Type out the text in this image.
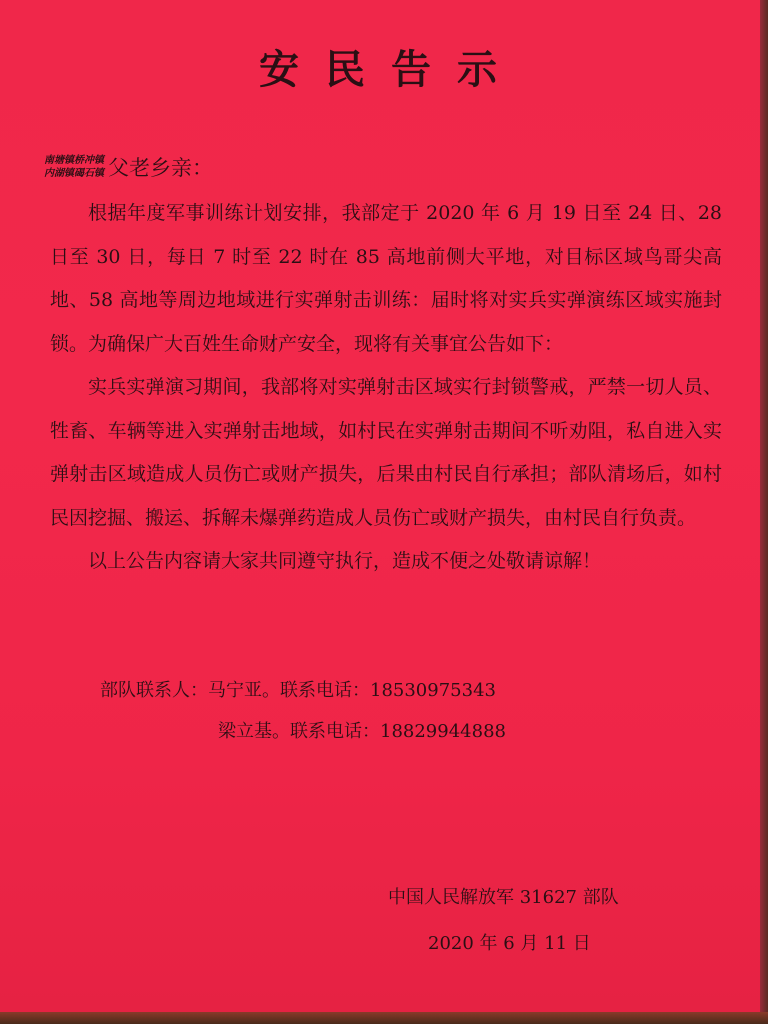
安民告示
南塘镇桥冲镇
内湖镇碣石镇 父老乡亲：

根据年度军事训练计划安排，我部定于 2020 年 6 月 19 日至 24 日、28 日至 30 日，每日 7 时至 22 时在 85 高地前侧大平地，对目标区域鸟哥尖高地、58 高地等周边地域进行实弹射击训练：届时将对实兵实弹演练区域实施封锁。为确保广大百姓生命财产安全，现将有关事宜公告如下：

实兵实弹演习期间，我部将对实弹射击区域实行封锁警戒，严禁一切人员、牲畜、车辆等进入实弹射击地域，如村民在实弹射击期间不听劝阻，私自进入实弹射击区域造成人员伤亡或财产损失，后果由村民自行承担；部队清场后，如村民因挖掘、搬运、拆解未爆弹药造成人员伤亡或财产损失，由村民自行负责。

以上公告内容请大家共同遵守执行，造成不便之处敬请谅解！

部队联系人：马宁亚。联系电话：18530975343
梁立基。联系电话：18829944888
中国人民解放军 31627 部队
2020 年 6 月 11 日
